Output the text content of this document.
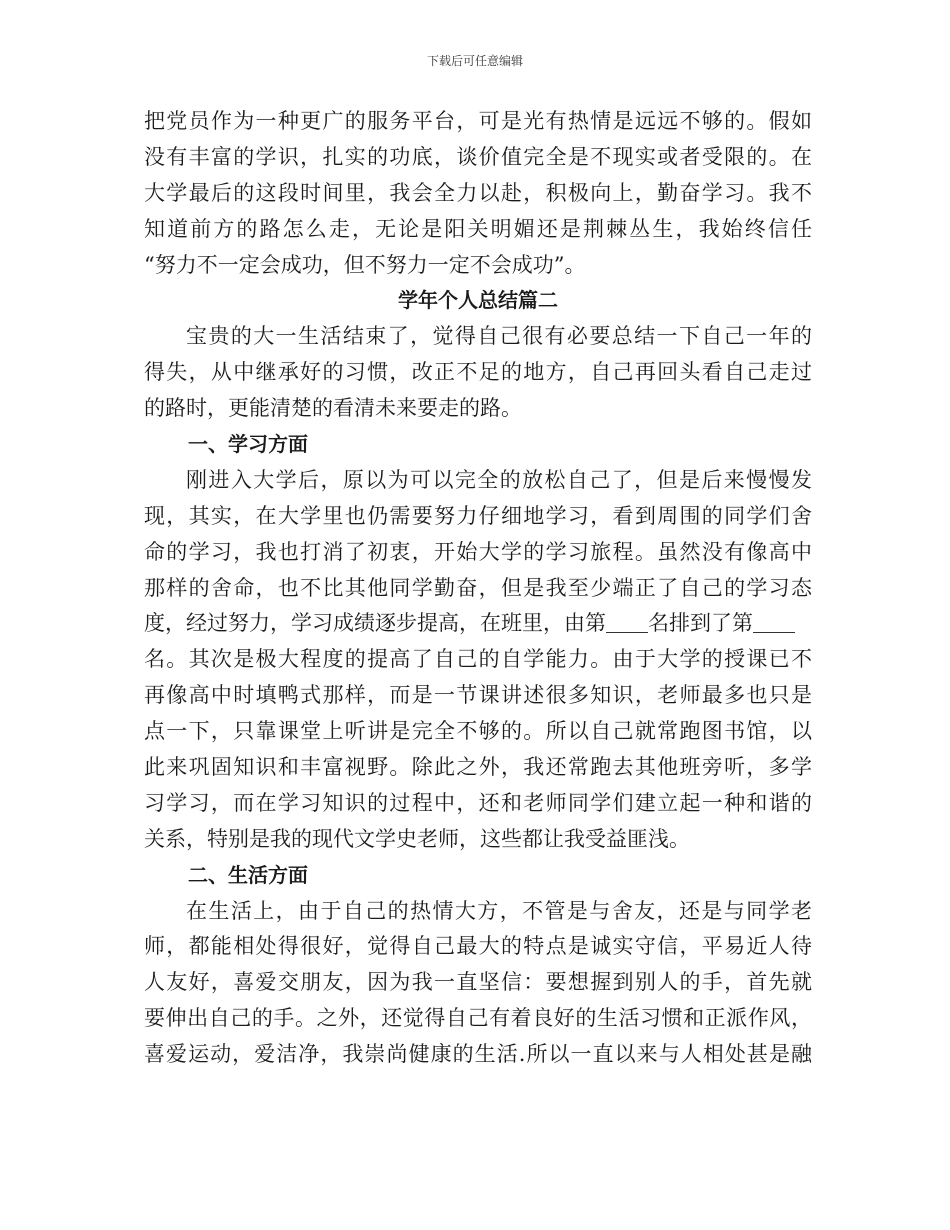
下载后可任意编辑
把党员作为一种更广的服务平台，可是光有热情是远远不够的。假如
没有丰富的学识，扎实的功底，谈价值完全是不现实或者受限的。在
大学最后的这段时间里，我会全力以赴，积极向上，勤奋学习。我不
知道前方的路怎么走，无论是阳关明媚还是荆棘丛生，我始终信任
“努力不一定会成功，但不努力一定不会成功”。
学年个人总结篇二
宝贵的大一生活结束了，觉得自己很有必要总结一下自己一年的
得失，从中继承好的习惯，改正不足的地方，自己再回头看自己走过
的路时，更能清楚的看清未来要走的路。
一、学习方面
刚进入大学后，原以为可以完全的放松自己了，但是后来慢慢发
现，其实，在大学里也仍需要努力仔细地学习，看到周围的同学们舍
命的学习，我也打消了初衷，开始大学的学习旅程。虽然没有像高中
那样的舍命，也不比其他同学勤奋，但是我至少端正了自己的学习态
度，经过努力，学习成绩逐步提高，在班里，由第 名排到了第
名。其次是极大程度的提高了自己的自学能力。由于大学的授课已不
再像高中时填鸭式那样，而是一节课讲述很多知识，老师最多也只是
点一下，只靠课堂上听讲是完全不够的。所以自己就常跑图书馆，以
此来巩固知识和丰富视野。除此之外，我还常跑去其他班旁听，多学
习学习，而在学习知识的过程中，还和老师同学们建立起一种和谐的
关系，特别是我的现代文学史老师，这些都让我受益匪浅。
二、生活方面
在生活上，由于自己的热情大方，不管是与舍友，还是与同学老
师，都能相处得很好，觉得自己最大的特点是诚实守信，平易近人待
人友好，喜爱交朋友，因为我一直坚信：要想握到别人的手，首先就
要伸出自己的手。之外，还觉得自己有着良好的生活习惯和正派作风，
喜爱运动，爱洁净，我崇尚健康的生活.所以一直以来与人相处甚是融
